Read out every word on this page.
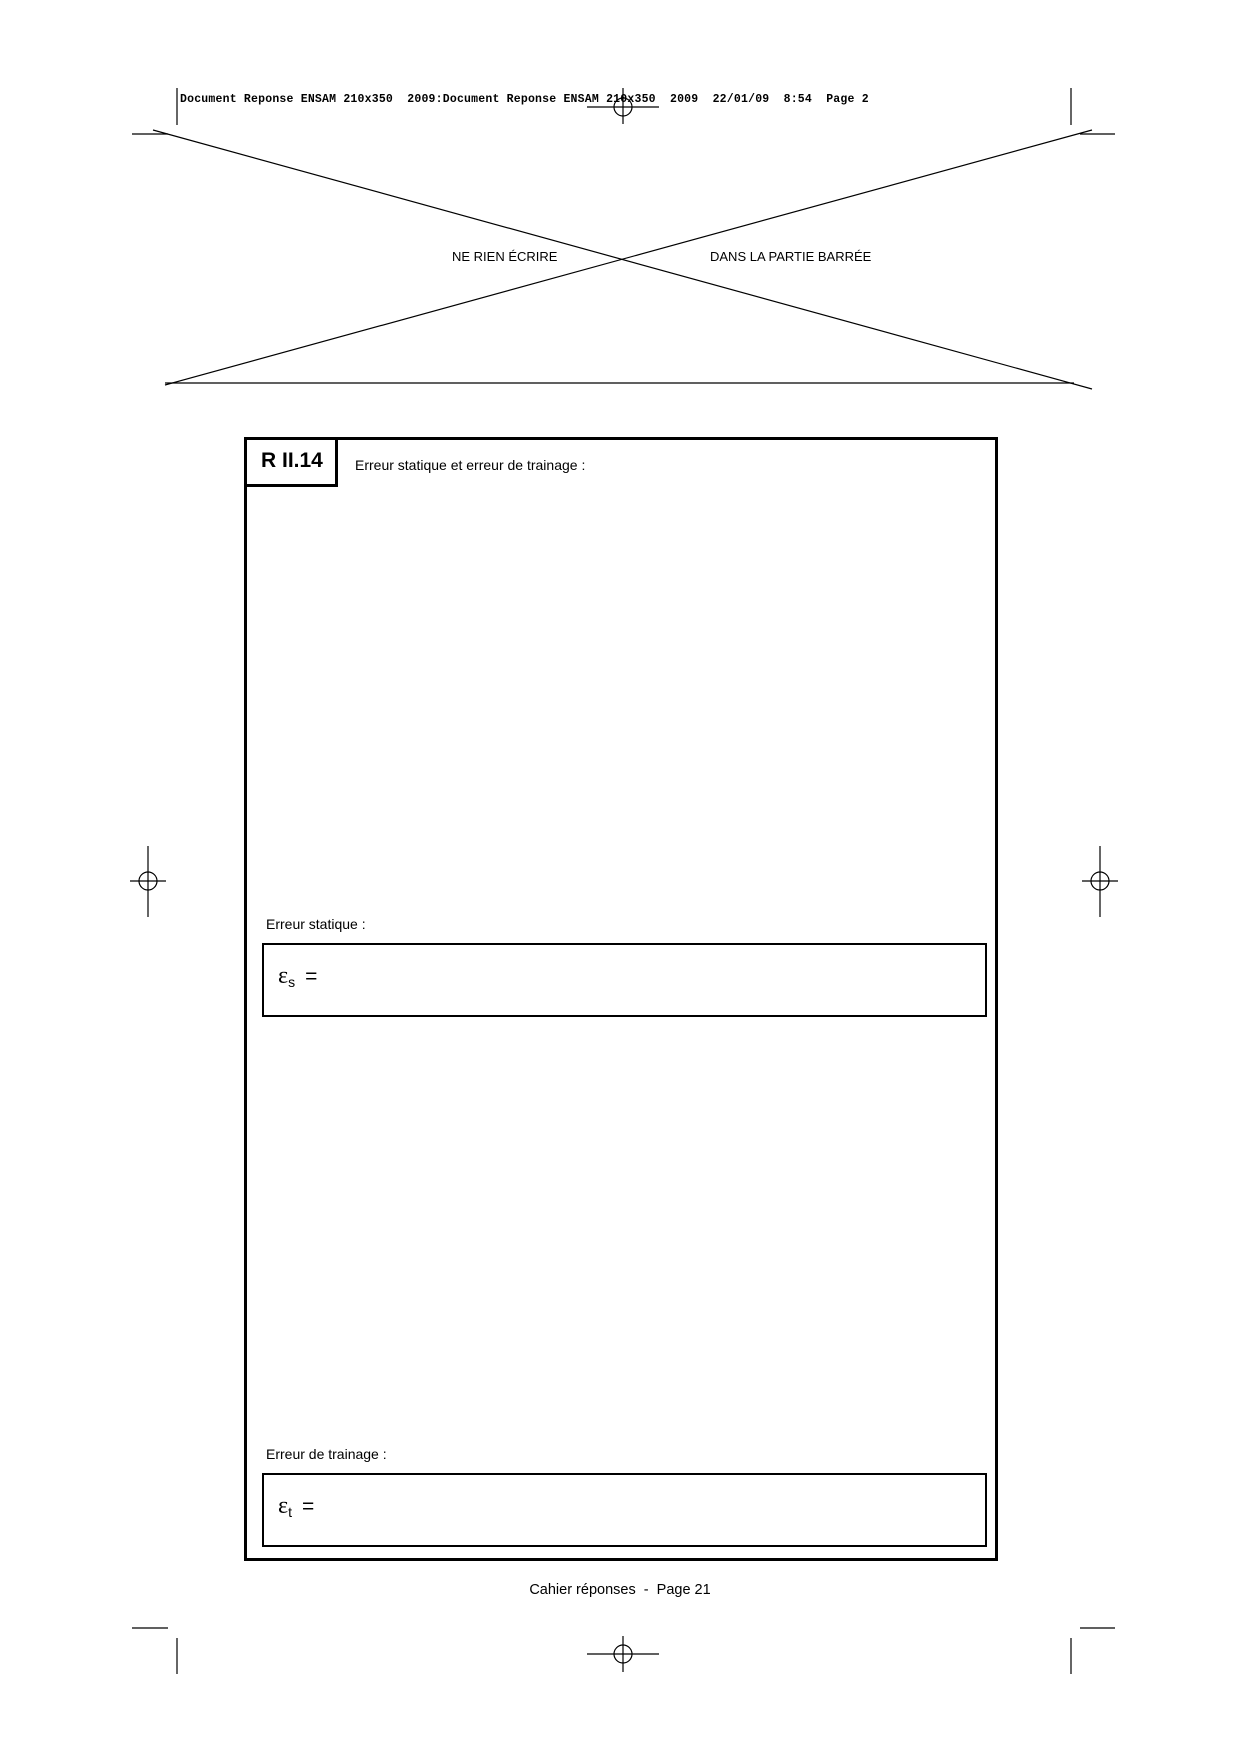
Document Reponse ENSAM 210x350  2009:Document Reponse ENSAM 210x350  2009  22/01/09  8:54  Page 2
NE RIEN ÉCRIRE	DANS LA PARTIE BARRÉE
R II.14	Erreur statique et erreur de trainage :
Erreur statique :
$\varepsilon_s$ =
Erreur de trainage :
$\varepsilon_t$ =
Cahier réponses  -  Page 21
